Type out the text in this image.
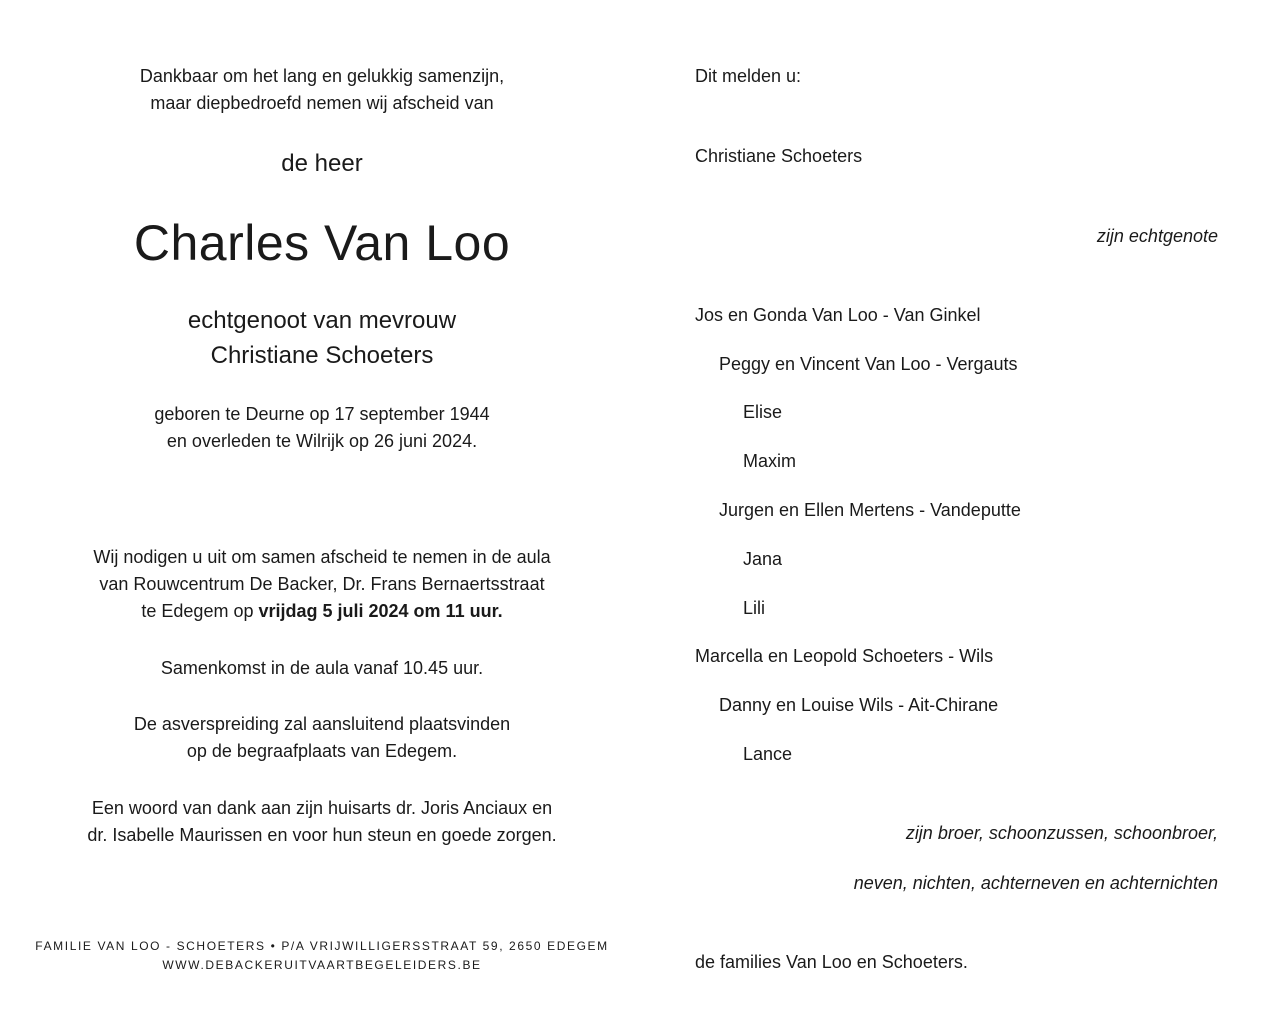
Dankbaar om het lang en gelukkig samenzijn,
maar diepbedroefd nemen wij afscheid van
de heer
Charles Van Loo
echtgenoot van mevrouw
Christiane Schoeters
geboren te Deurne op 17 september 1944
en overleden te Wilrijk op 26 juni 2024.
Wij nodigen u uit om samen afscheid te nemen in de aula
van Rouwcentrum De Backer, Dr. Frans Bernaertsstraat
te Edegem op vrijdag 5 juli 2024 om 11 uur.
Samenkomst in de aula vanaf 10.45 uur.
De asverspreiding zal aansluitend plaatsvinden
op de begraafplaats van Edegem.
Een woord van dank aan zijn huisarts dr. Joris Anciaux en
dr. Isabelle Maurissen en voor hun steun en goede zorgen.
FAMILIE VAN LOO - SCHOETERS • P/A VRIJWILLIGERSSTRAAT 59, 2650 EDEGEM
WWW.DEBACKERUITVAARTBEGELEIDERS.BE
Dit melden u:
Christiane Schoeters
zijn echtgenote
Jos en Gonda Van Loo - Van Ginkel
Peggy en Vincent Van Loo - Vergauts
Elise
Maxim
Jurgen en Ellen Mertens - Vandeputte
Jana
Lili
Marcella en Leopold Schoeters - Wils
Danny en Louise Wils - Ait-Chirane
Lance
zijn broer, schoonzussen, schoonbroer,
neven, nichten, achterneven en achternichten
de families Van Loo en Schoeters.
